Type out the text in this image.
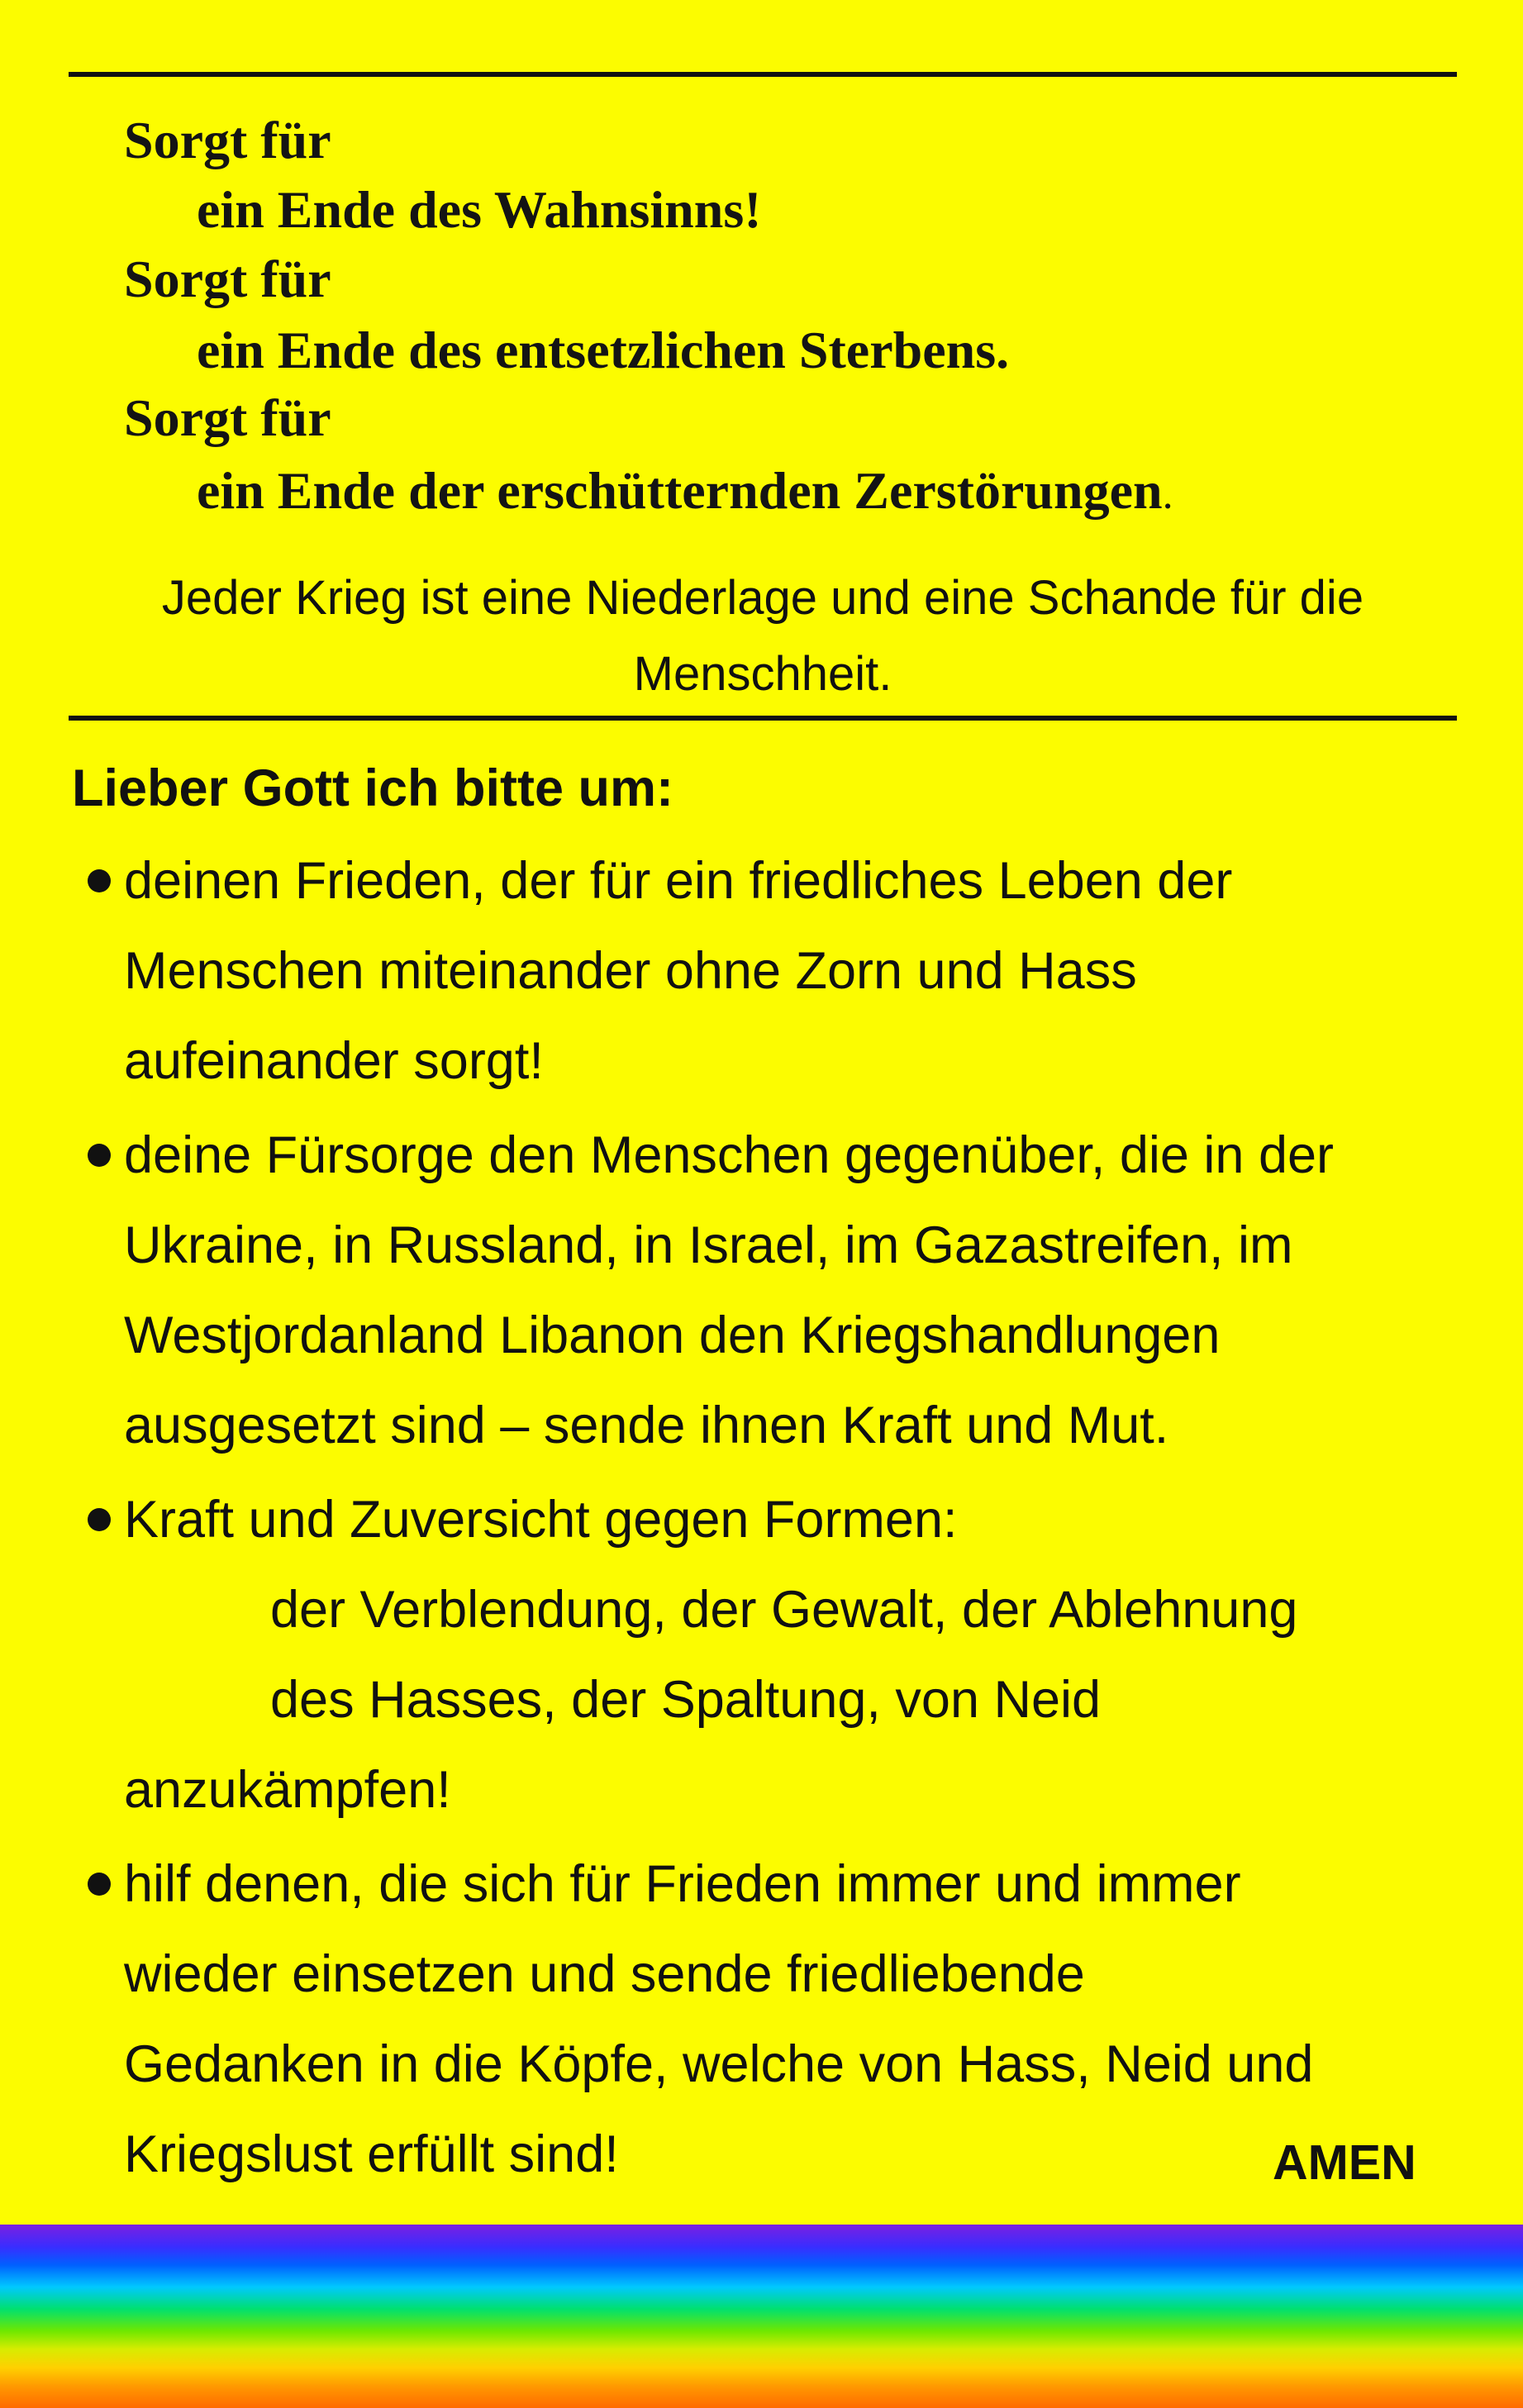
Sorgt für
ein Ende des Wahnsinns!
Sorgt für
ein Ende des entsetzlichen Sterbens.
Sorgt für
ein Ende der erschütternden Zerstörungen.
Jeder Krieg ist eine Niederlage und eine Schande für die Menschheit.
Lieber Gott ich bitte um:
deinen Frieden, der für ein friedliches Leben der
Menschen miteinander ohne Zorn und Hass
aufeinander sorgt!
deine Fürsorge den Menschen gegenüber, die in der
Ukraine, in Russland, in Israel, im Gazastreifen, im
Westjordanland Libanon den Kriegshandlungen
ausgesetzt sind – sende ihnen Kraft und Mut.
Kraft und Zuversicht gegen Formen:
der Verblendung, der Gewalt, der Ablehnung
des Hasses, der Spaltung, von Neid
anzukämpfen!
hilf denen, die sich für Frieden immer und immer
wieder einsetzen und sende friedliebende
Gedanken in die Köpfe, welche von Hass, Neid und
Kriegslust erfüllt sind!	AMEN
